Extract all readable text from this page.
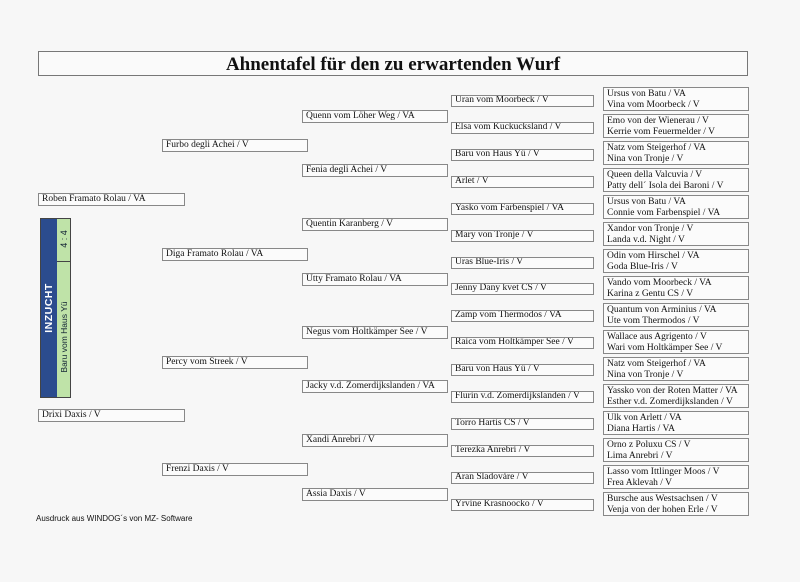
Ahnentafel für den zu erwartenden Wurf
Roben Framato Rolau / VA
Drixi Daxis / V
Furbo degli Achei / V
Diga Framato Rolau / VA
Percy vom Streek / V
Frenzi Daxis / V
Quenn vom Löher Weg / VA
Fenia degli Achei / V
Quentin Karanberg / V
Utty Framato Rolau / VA
Negus vom Holtkämper See / V
Jacky v.d. Zomerdijkslanden / VA
Xandi Anrebri / V
Assia Daxis / V
Uran vom Moorbeck / V
Elsa vom Kuckucksland / V
Baru von Haus Yü / V
Arlet / V
Yasko vom Farbenspiel / VA
Mary von Tronje / V
Uras Blue-Iris / V
Jenny Dany kvet CS / V
Zamp vom Thermodos / VA
Raica vom Holtkämper See / V
Baru von Haus Yü / V
Flurin v.d. Zomerdijkslanden / V
Torro Hartis CS / V
Terezka Anrebri / V
Aran Sladováre / V
Yrvine Krasnoocko / V
Ursus von Batu / VA
Vina vom Moorbeck / V
Emo von der Wienerau / V
Kerrie vom Feuermelder / V
Natz vom Steigerhof / VA
Nina von Tronje / V
Queen della Valcuvia / V
Patty dell´ Isola dei Baroni / V
Ursus von Batu / VA
Connie vom Farbenspiel / VA
Xandor von Tronje / V
Landa v.d. Night / V
Odin vom Hirschel / VA
Goda Blue-Iris / V
Vando vom Moorbeck / VA
Karina z Gentu CS / V
Quantum von Arminius / VA
Ute vom Thermodos / V
Wallace aus Agrigento / V
Wari vom Holtkämper See / V
Natz vom Steigerhof / VA
Nina von Tronje / V
Yassko von der Roten Matter / VA
Esther v.d. Zomerdijkslanden / V
Ulk von Arlett / VA
Diana Hartis / VA
Orno z Poluxu CS / V
Lima Anrebri / V
Lasso vom Ittlinger Moos / V
Frea Aklevah / V
Bursche aus Westsachsen / V
Venja von der hohen Erle / V
INZUCHT
4 : 4
Baru vom Haus Yü
Ausdruck aus WINDOG´s von MZ- Software
